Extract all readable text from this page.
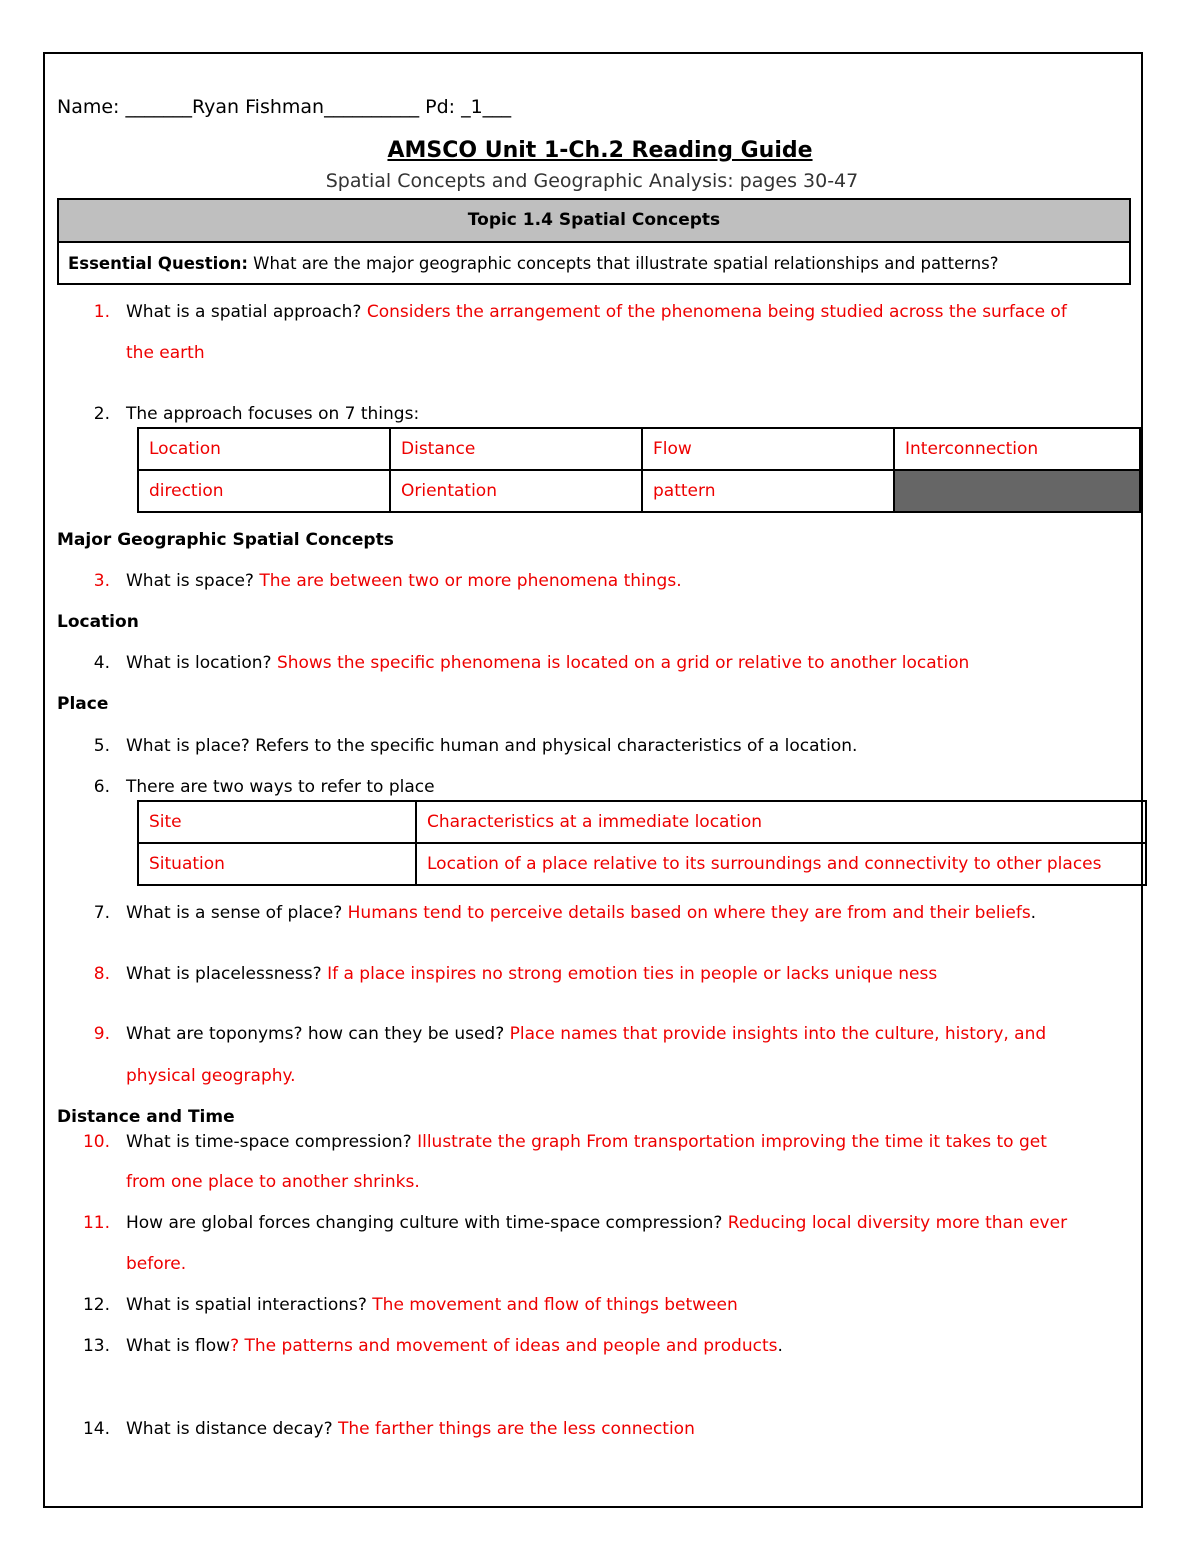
Name: _______Ryan Fishman__________ Pd: _1___
AMSCO Unit 1-Ch.2 Reading Guide
Spatial Concepts and Geographic Analysis: pages 30-47
Topic 1.4 Spatial Concepts
Essential Question: What are the major geographic concepts that illustrate spatial relationships and patterns?
1. What is a spatial approach? Considers the arrangement of the phenomena being studied across the surface of
the earth
2. The approach focuses on 7 things:
Location	Distance	Flow	Interconnection
direction	Orientation	pattern	
Major Geographic Spatial Concepts
3. What is space? The are between two or more phenomena things.
Location
4. What is location? Shows the specific phenomena is located on a grid or relative to another location
Place
5. What is place? Refers to the specific human and physical characteristics of a location.
6. There are two ways to refer to place
Site	Characteristics at a immediate location
Situation	Location of a place relative to its surroundings and connectivity to other places
7. What is a sense of place? Humans tend to perceive details based on where they are from and their beliefs.
8. What is placelessness? If a place inspires no strong emotion ties in people or lacks unique ness
9. What are toponyms? how can they be used? Place names that provide insights into the culture, history, and
physical geography.
Distance and Time
10. What is time-space compression? Illustrate the graph From transportation improving the time it takes to get
from one place to another shrinks.
11. How are global forces changing culture with time-space compression? Reducing local diversity more than ever
before.
12. What is spatial interactions? The movement and flow of things between
13. What is flow? The patterns and movement of ideas and people and products.
14. What is distance decay? The farther things are the less connection
